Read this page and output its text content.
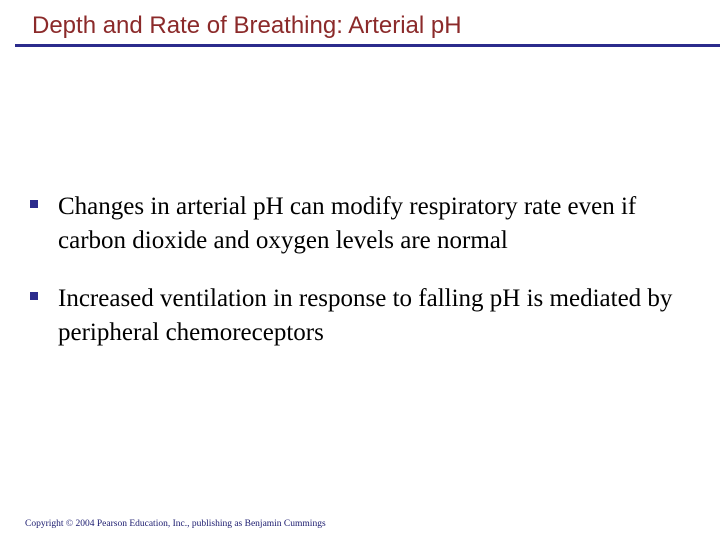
Depth and Rate of Breathing: Arterial pH
Changes in arterial pH can modify respiratory rate even if carbon dioxide and oxygen levels are normal
Increased ventilation in response to falling pH is mediated by peripheral chemoreceptors
Copyright © 2004 Pearson Education, Inc., publishing as Benjamin Cummings
